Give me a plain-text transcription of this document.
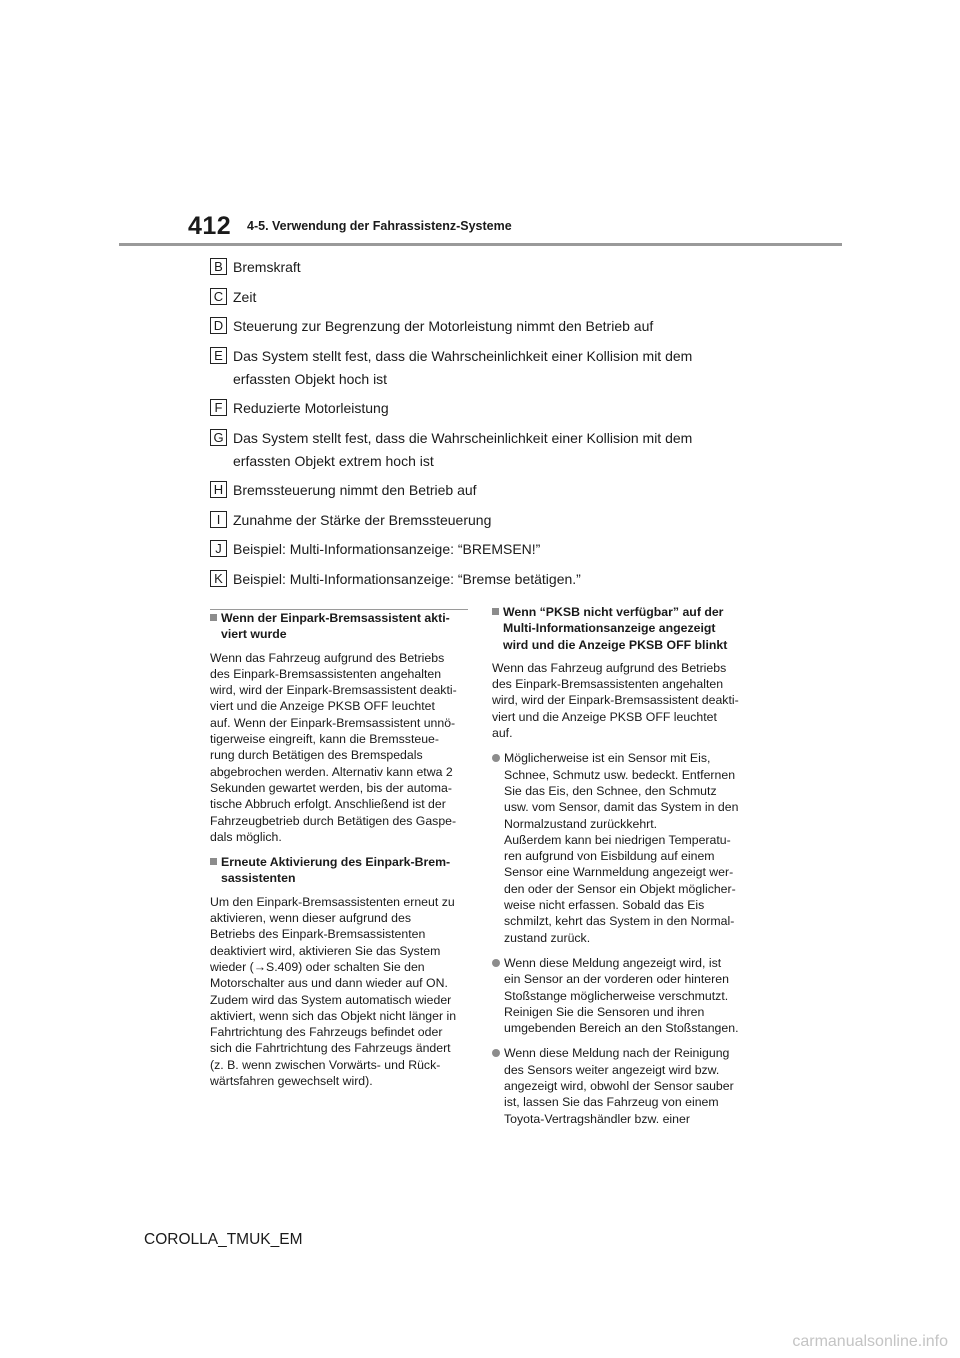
412 4-5. Verwendung der Fahrassistenz-Systeme
B Bremskraft
C Zeit
D Steuerung zur Begrenzung der Motorleistung nimmt den Betrieb auf
E Das System stellt fest, dass die Wahrscheinlichkeit einer Kollision mit dem
erfassten Objekt hoch ist
F Reduzierte Motorleistung
G Das System stellt fest, dass die Wahrscheinlichkeit einer Kollision mit dem
erfassten Objekt extrem hoch ist
H Bremssteuerung nimmt den Betrieb auf
I Zunahme der Stärke der Bremssteuerung
J Beispiel: Multi-Informationsanzeige: “BREMSEN!”
K Beispiel: Multi-Informationsanzeige: “Bremse betätigen.”
Wenn der Einpark-Bremsassistent akti-
viert wurde
Wenn das Fahrzeug aufgrund des Betriebs
des Einpark-Bremsassistenten angehalten
wird, wird der Einpark-Bremsassistent deakti-
viert und die Anzeige PKSB OFF leuchtet
auf. Wenn der Einpark-Bremsassistent unnö-
tigerweise eingreift, kann die Bremssteue-
rung durch Betätigen des Bremspedals
abgebrochen werden. Alternativ kann etwa 2
Sekunden gewartet werden, bis der automa-
tische Abbruch erfolgt. Anschließend ist der
Fahrzeugbetrieb durch Betätigen des Gaspe-
dals möglich.
Erneute Aktivierung des Einpark-Brem-
sassistenten
Um den Einpark-Bremsassistenten erneut zu
aktivieren, wenn dieser aufgrund des
Betriebs des Einpark-Bremsassistenten
deaktiviert wird, aktivieren Sie das System
wieder (→S.409) oder schalten Sie den
Motorschalter aus und dann wieder auf ON.
Zudem wird das System automatisch wieder
aktiviert, wenn sich das Objekt nicht länger in
Fahrtrichtung des Fahrzeugs befindet oder
sich die Fahrtrichtung des Fahrzeugs ändert
(z. B. wenn zwischen Vorwärts- und Rück-
wärtsfahren gewechselt wird).
Wenn “PKSB nicht verfügbar” auf der
Multi-Informationsanzeige angezeigt
wird und die Anzeige PKSB OFF blinkt
Wenn das Fahrzeug aufgrund des Betriebs
des Einpark-Bremsassistenten angehalten
wird, wird der Einpark-Bremsassistent deakti-
viert und die Anzeige PKSB OFF leuchtet
auf.
Möglicherweise ist ein Sensor mit Eis,
Schnee, Schmutz usw. bedeckt. Entfernen
Sie das Eis, den Schnee, den Schmutz
usw. vom Sensor, damit das System in den
Normalzustand zurückkehrt.
Außerdem kann bei niedrigen Temperatu-
ren aufgrund von Eisbildung auf einem
Sensor eine Warnmeldung angezeigt wer-
den oder der Sensor ein Objekt möglicher-
weise nicht erfassen. Sobald das Eis
schmilzt, kehrt das System in den Normal-
zustand zurück.
Wenn diese Meldung angezeigt wird, ist
ein Sensor an der vorderen oder hinteren
Stoßstange möglicherweise verschmutzt.
Reinigen Sie die Sensoren und ihren
umgebenden Bereich an den Stoßstangen.
Wenn diese Meldung nach der Reinigung
des Sensors weiter angezeigt wird bzw.
angezeigt wird, obwohl der Sensor sauber
ist, lassen Sie das Fahrzeug von einem
Toyota-Vertragshändler bzw. einer
COROLLA_TMUK_EM
carmanualsonline.info
